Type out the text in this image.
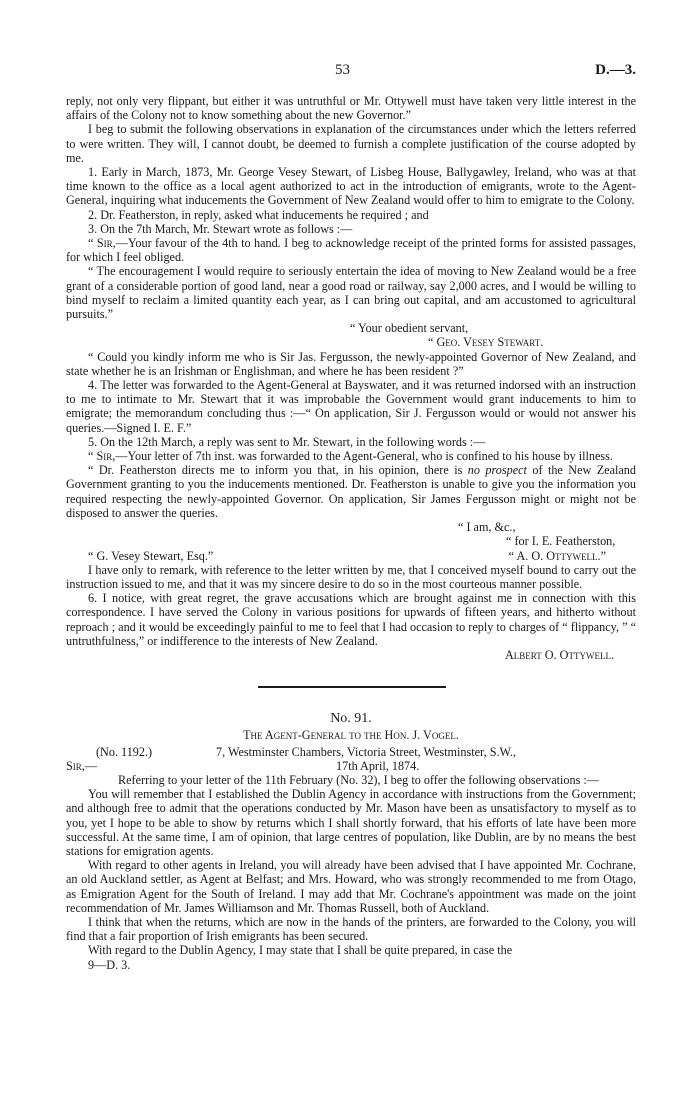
53	D.—3.

reply, not only very flippant, but either it was untruthful or Mr. Ottywell must have taken very little interest in the affairs of the Colony not to know something about the new Governor.”

I beg to submit the following observations in explanation of the circumstances under which the letters referred to were written. They will, I cannot doubt, be deemed to furnish a complete justification of the course adopted by me.

1. Early in March, 1873, Mr. George Vesey Stewart, of Lisbeg House, Ballygawley, Ireland, who was at that time known to the office as a local agent authorized to act in the introduction of emigrants, wrote to the Agent-General, inquiring what inducements the Government of New Zealand would offer to him to emigrate to the Colony.

2. Dr. Featherston, in reply, asked what inducements he required ; and

3. On the 7th March, Mr. Stewart wrote as follows :—

“ Sir,—Your favour of the 4th to hand. I beg to acknowledge receipt of the printed forms for assisted passages, for which I feel obliged.

“ The encouragement I would require to seriously entertain the idea of moving to New Zealand would be a free grant of a considerable portion of good land, near a good road or railway, say 2,000 acres, and I would be willing to bind myself to reclaim a limited quantity each year, as I can bring out capital, and am accustomed to agricultural pursuits.”

“ Your obedient servant,

“ Geo. Vesey Stewart.

“ Could you kindly inform me who is Sir Jas. Fergusson, the newly-appointed Governor of New Zealand, and state whether he is an Irishman or Englishman, and where he has been resident ?”

4. The letter was forwarded to the Agent-General at Bayswater, and it was returned indorsed with an instruction to me to intimate to Mr. Stewart that it was improbable the Government would grant inducements to him to emigrate; the memorandum concluding thus :—“ On application, Sir J. Fergusson would or would not answer his queries.—Signed I. E. F.”

5. On the 12th March, a reply was sent to Mr. Stewart, in the following words :—

“ Sir,—Your letter of 7th inst. was forwarded to the Agent-General, who is confined to his house by illness.

“ Dr. Featherston directs me to inform you that, in his opinion, there is no prospect of the New Zealand Government granting to you the inducements mentioned. Dr. Featherston is unable to give you the information you required respecting the newly-appointed Governor. On application, Sir James Fergusson might or might not be disposed to answer the queries.

“ I am, &c.,

“ for I. E. Featherston,

“ G. Vesey Stewart, Esq.”	“ A. O. Ottywell.”

I have only to remark, with reference to the letter written by me, that I conceived myself bound to carry out the instruction issued to me, and that it was my sincere desire to do so in the most courteous manner possible.

6. I notice, with great regret, the grave accusations which are brought against me in connection with this correspondence. I have served the Colony in various positions for upwards of fifteen years, and hitherto without reproach ; and it would be exceedingly painful to me to feel that I had occasion to reply to charges of “ flippancy, ” “ untruthfulness,” or indifference to the interests of New Zealand.

Albert O. Ottywell.

No. 91.

The Agent-General to the Hon. J. Vogel.

(No. 1192.)	7, Westminster Chambers, Victoria Street, Westminster, S.W.,
Sir,—	17th April, 1874.

Referring to your letter of the 11th February (No. 32), I beg to offer the following observations :—

You will remember that I established the Dublin Agency in accordance with instructions from the Government; and although free to admit that the operations conducted by Mr. Mason have been as unsatisfactory to myself as to you, yet I hope to be able to show by returns which I shall shortly forward, that his efforts of late have been more successful. At the same time, I am of opinion, that large centres of population, like Dublin, are by no means the best stations for emigration agents.

With regard to other agents in Ireland, you will already have been advised that I have appointed Mr. Cochrane, an old Auckland settler, as Agent at Belfast; and Mrs. Howard, who was strongly recommended to me from Otago, as Emigration Agent for the South of Ireland. I may add that Mr. Cochrane's appointment was made on the joint recommendation of Mr. James Williamson and Mr. Thomas Russell, both of Auckland.

I think that when the returns, which are now in the hands of the printers, are forwarded to the Colony, you will find that a fair proportion of Irish emigrants has been secured.

With regard to the Dublin Agency, I may state that I shall be quite prepared, in case the

9—D. 3.
